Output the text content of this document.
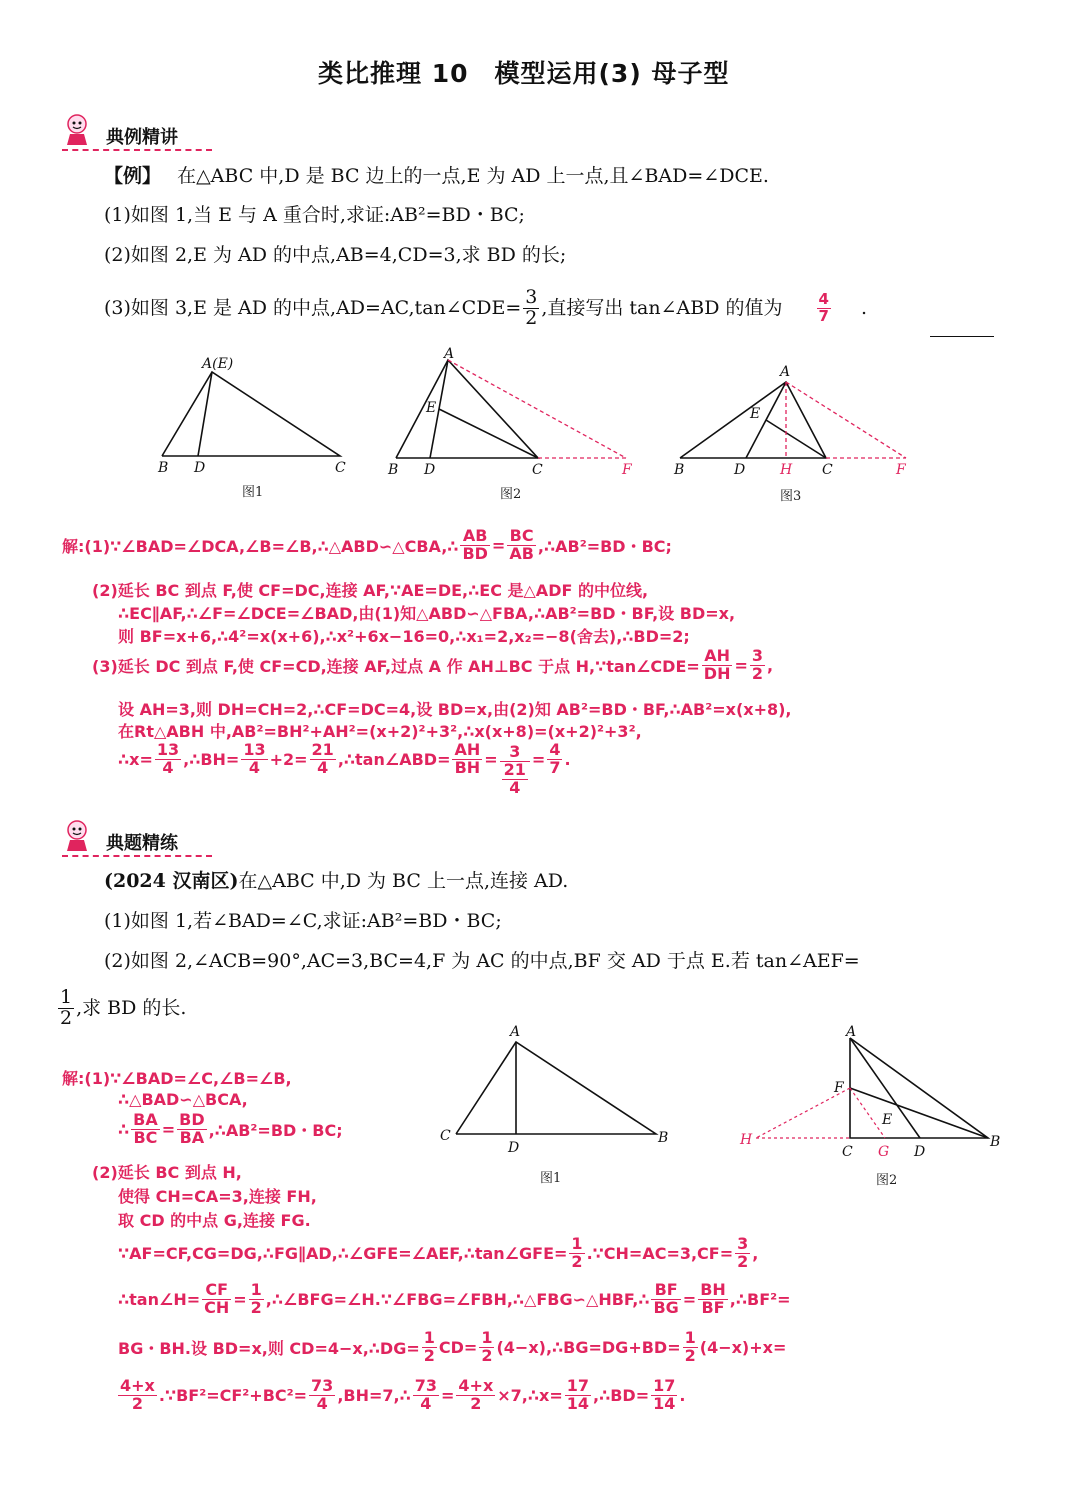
类比推理 10　模型运用(3) 母子型
典例精讲
【例】 在△ABC 中,D 是 BC 边上的一点,E 为 AD 上一点,且∠BAD=∠DCE.
(1)如图 1,当 E 与 A 重合时,求证:AB²=BD・BC;
(2)如图 2,E 为 AD 的中点,AB=4,CD=3,求 BD 的长;
(3)如图 3,E 是 AD 的中点,AD=AC,tan∠CDE= $\frac{3}{2}$ ,直接写出 tan∠ABD 的值为 $\frac{4}{7}$ .
A(E)
B D	C
图1
A
E
B D	C	F
图2
A
E
B	D H C	F
图3
解:(1)∵∠BAD=∠DCA,∠B=∠B,∴△ABD∽△CBA,∴ $\frac{AB}{BD} = \frac{BC}{AB}$ ,∴AB²=BD・BC;
(2)延长 BC 到点 F,使 CF=DC,连接 AF,∵AE=DE,∴EC 是△ADF 的中位线,
∴EC∥AF,∴∠F=∠DCE=∠BAD,由(1)知△ABD∽△FBA,∴AB²=BD・BF,设 BD=x,
则 BF=x+6,∴4²=x(x+6),∴x²+6x−16=0,∴x₁=2,x₂=−8(舍去),∴BD=2;
(3)延长 DC 到点 F,使 CF=CD,连接 AF,过点 A 作 AH⊥BC 于点 H,∵tan∠CDE= $\frac{AH}{DH} = \frac{3}{2}$ ,
设 AH=3,则 DH=CH=2,∴CF=DC=4,设 BD=x,由(2)知 AB²=BD・BF,∴AB²=x(x+8),
在Rt△ABH 中,AB²=BH²+AH²=(x+2)²+3²,∴x(x+8)=(x+2)²+3²,
∴x= $\frac{13}{4}$ ,∴BH= $\frac{13}{4} +2= \frac{21}{4}$ ,∴tan∠ABD= $\frac{AH}{BH} = \frac{3}{\frac{21}{4}} = \frac{4}{7}$ .
典题精练
(2024 汉南区)在△ABC 中,D 为 BC 上一点,连接 AD.
(1)如图 1,若∠BAD=∠C,求证:AB²=BD・BC;
(2)如图 2,∠ACB=90°,AC=3,BC=4,F 为 AC 的中点,BF 交 AD 于点 E.若 tan∠AEF=
$\frac{1}{2}$ ,求 BD 的长.
A
C
D
B
图1
A
F
E
H
C G D
B
图2
解:(1)∵∠BAD=∠C,∠B=∠B,
∴△BAD∽△BCA,
∴ $\frac{BA}{BC} = \frac{BD}{BA}$ ,∴AB²=BD・BC;
(2)延长 BC 到点 H,
使得 CH=CA=3,连接 FH,
取 CD 的中点 G,连接 FG.
∵AF=CF,CG=DG,∴FG∥AD,∴∠GFE=∠AEF,∴tan∠GFE= $\frac{1}{2}$ .∵CH=AC=3,CF= $\frac{3}{2}$ ,
∴tan∠H= $\frac{CF}{CH} = \frac{1}{2}$ ,∴∠BFG=∠H.∵∠FBG=∠FBH,∴△FBG∽△HBF,∴ $\frac{BF}{BG} = \frac{BH}{BF}$ ,∴BF²=
BG・BH.设 BD=x,则 CD=4−x,∴DG= $\frac{1}{2} CD= \frac{1}{2}$ (4−x),∴BG=DG+BD= $\frac{1}{2} (4-x)+x=$
$\frac{4+x}{2}$ .∵BF²=CF²+BC²= $\frac{73}{4}$ ,BH=7,∴ $\frac{73}{4} = \frac{4+x}{2}$ ×7,∴x= $\frac{17}{14}$ ,∴BD= $\frac{17}{14}$ .
